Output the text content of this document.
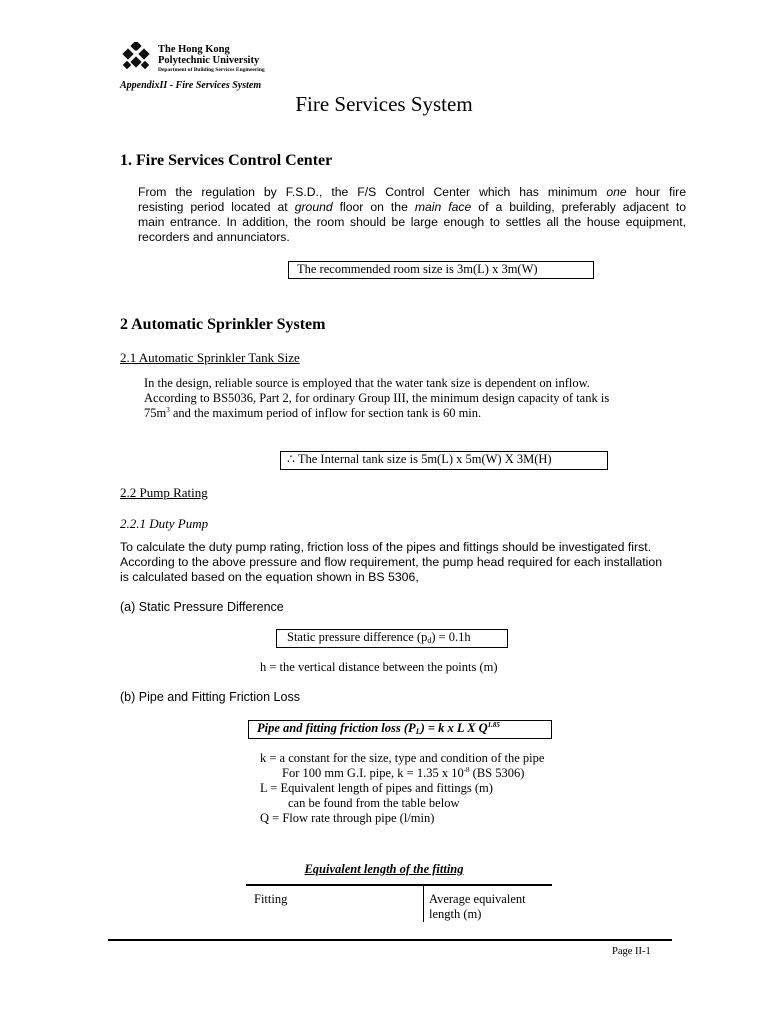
The Hong Kong
Polytechnic University
Department of Building Services Engineering
AppendixII - Fire Services System
Fire Services System
1. Fire Services Control Center
From the regulation by F.S.D., the F/S Control Center which has minimum one hour fire
resisting period located at ground floor on the main face of a building, preferably adjacent to
main entrance. In addition, the room should be large enough to settles all the house equipment,
recorders and annunciators.
The recommended room size is 3m(L) x 3m(W)
2 Automatic Sprinkler System
2.1 Automatic Sprinkler Tank Size
In the design, reliable source is employed that the water tank size is dependent on inflow.
According to BS5036, Part 2, for ordinary Group III, the minimum design capacity of tank is
$75m^3$ and the maximum period of inflow for section tank is 60 min.
∴ The Internal tank size is 5m(L) x 5m(W) X 3M(H)
2.2 Pump Rating
2.2.1 Duty Pump
To calculate the duty pump rating, friction loss of the pipes and fittings should be investigated first.
According to the above pressure and flow requirement, the pump head required for each installation
is calculated based on the equation shown in BS 5306,
(a) Static Pressure Difference
Static pressure difference $(p_d) = 0.1h$
h = the vertical distance between the points (m)
(b) Pipe and Fitting Friction Loss
Pipe and fitting friction loss $(P_L) = k$ x L X $Q^{1.85}$
k = a constant for the size, type and condition of the pipe
For 100 mm G.I. pipe, k = 1.35 x $10^{-8}$ (BS 5306)
L = Equivalent length of pipes and fittings (m)
can be found from the table below
Q = Flow rate through pipe (l/min)
Equivalent length of the fitting
Fitting	Average equivalent length (m)
Page II-1
